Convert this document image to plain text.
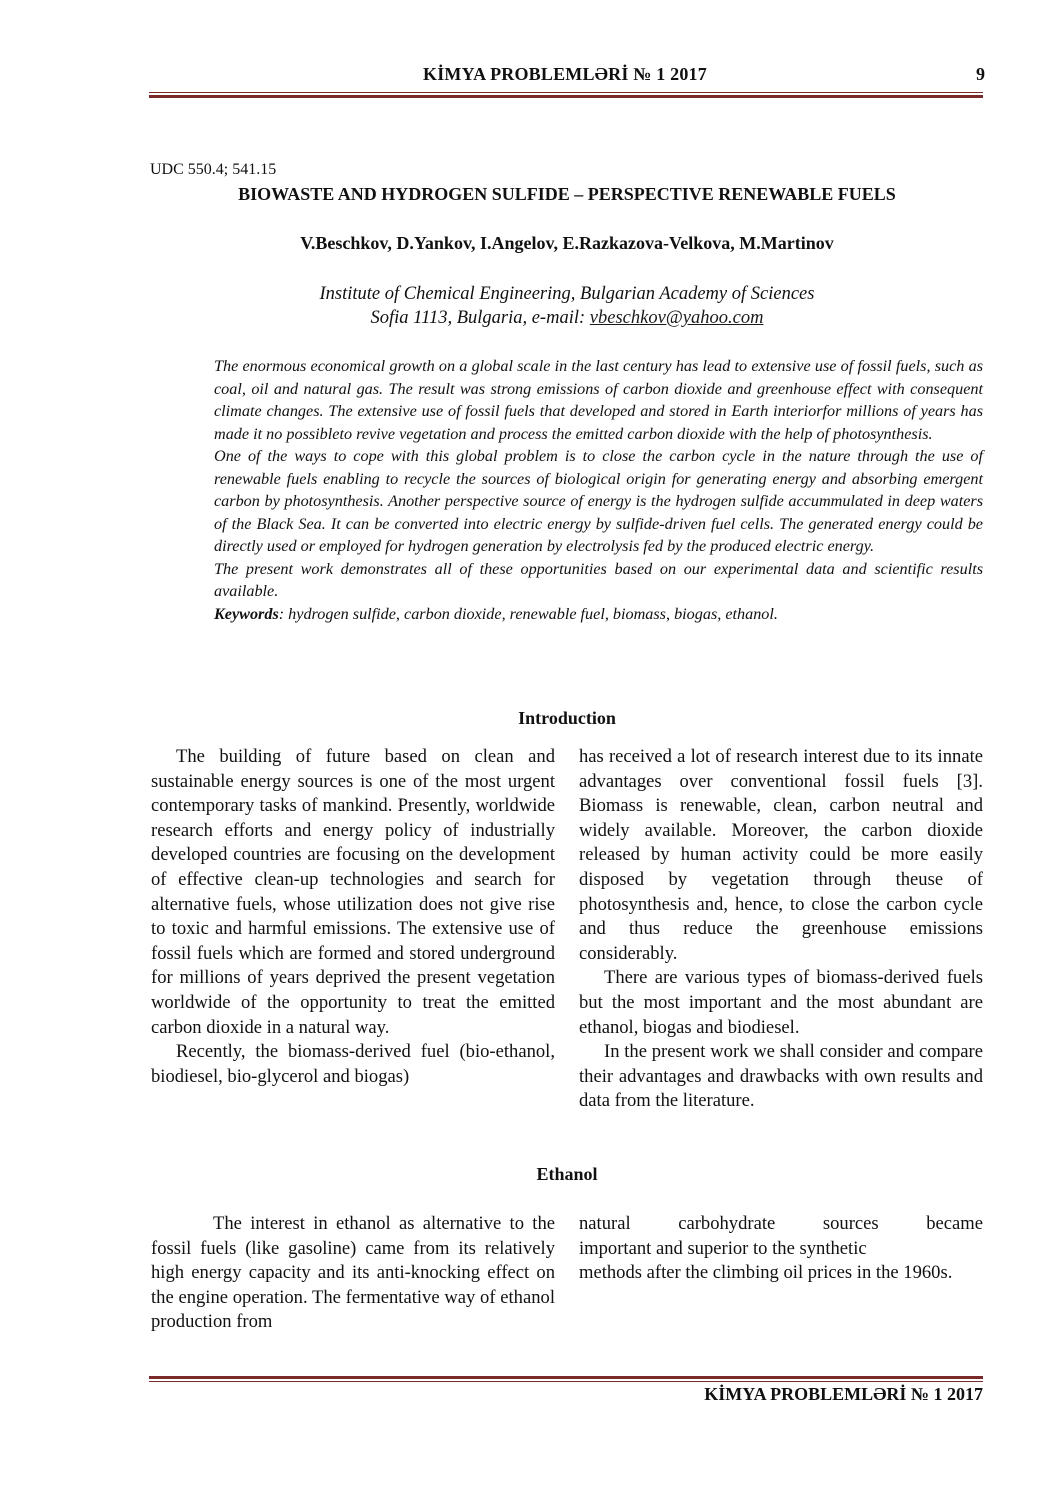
KİMYA PROBLEMLƏRİ № 1 2017	9
UDC 550.4; 541.15
BIOWASTE AND HYDROGEN SULFIDE – PERSPECTIVE RENEWABLE FUELS
V.Beschkov, D.Yankov, I.Angelov, E.Razkazova-Velkova, M.Martinov
Institute of Chemical Engineering, Bulgarian Academy of Sciences
Sofia 1113, Bulgaria, e-mail: vbeschkov@yahoo.com

The enormous economical growth on a global scale in the last century has lead to extensive use of fossil fuels, such as coal, oil and natural gas. The result was strong emissions of carbon dioxide and greenhouse effect with consequent climate changes. The extensive use of fossil fuels that developed and stored in Earth interiorfor millions of years has made it no possibleto revive vegetation and process the emitted carbon dioxide with the help of photosynthesis.

One of the ways to cope with this global problem is to close the carbon cycle in the nature through the use of renewable fuels enabling to recycle the sources of biological origin for generating energy and absorbing emergent carbon by photosynthesis. Another perspective source of energy is the hydrogen sulfide accummulated in deep waters of the Black Sea. It can be converted into electric energy by sulfide-driven fuel cells. The generated energy could be directly used or employed for hydrogen generation by electrolysis fed by the produced electric energy.

The present work demonstrates all of these opportunities based on our experimental data and scientific results available.

Keywords: hydrogen sulfide, carbon dioxide, renewable fuel, biomass, biogas, ethanol.

Introduction

The building of future based on clean and sustainable energy sources is one of the most urgent contemporary tasks of mankind. Presently, worldwide research efforts and energy policy of industrially developed countries are focusing on the development of effective clean-up technologies and search for alternative fuels, whose utilization does not give rise to toxic and harmful emissions. The extensive use of fossil fuels which are formed and stored underground for millions of years deprived the present vegetation worldwide of the opportunity to treat the emitted carbon dioxide in a natural way.

Recently, the biomass-derived fuel (bio-ethanol, biodiesel, bio-glycerol and biogas)

has received a lot of research interest due to its innate advantages over conventional fossil fuels [3]. Biomass is renewable, clean, carbon neutral and widely available. Moreover, the carbon dioxide released by human activity could be more easily disposed by vegetation through theuse of photosynthesis and, hence, to close the carbon cycle and thus reduce the greenhouse emissions considerably.

There are various types of biomass-derived fuels but the most important and the most abundant are ethanol, biogas and biodiesel.

In the present work we shall consider and compare their advantages and drawbacks with own results and data from the literature.

Ethanol

The interest in ethanol as alternative to the fossil fuels (like gasoline) came from its relatively high energy capacity and its anti-knocking effect on the engine operation. The fermentative way of ethanol production from

natural carbohydrate sources became

important and superior to the synthetic

methods after the climbing oil prices in the 1960s.

KİMYA PROBLEMLƏRİ № 1 2017
